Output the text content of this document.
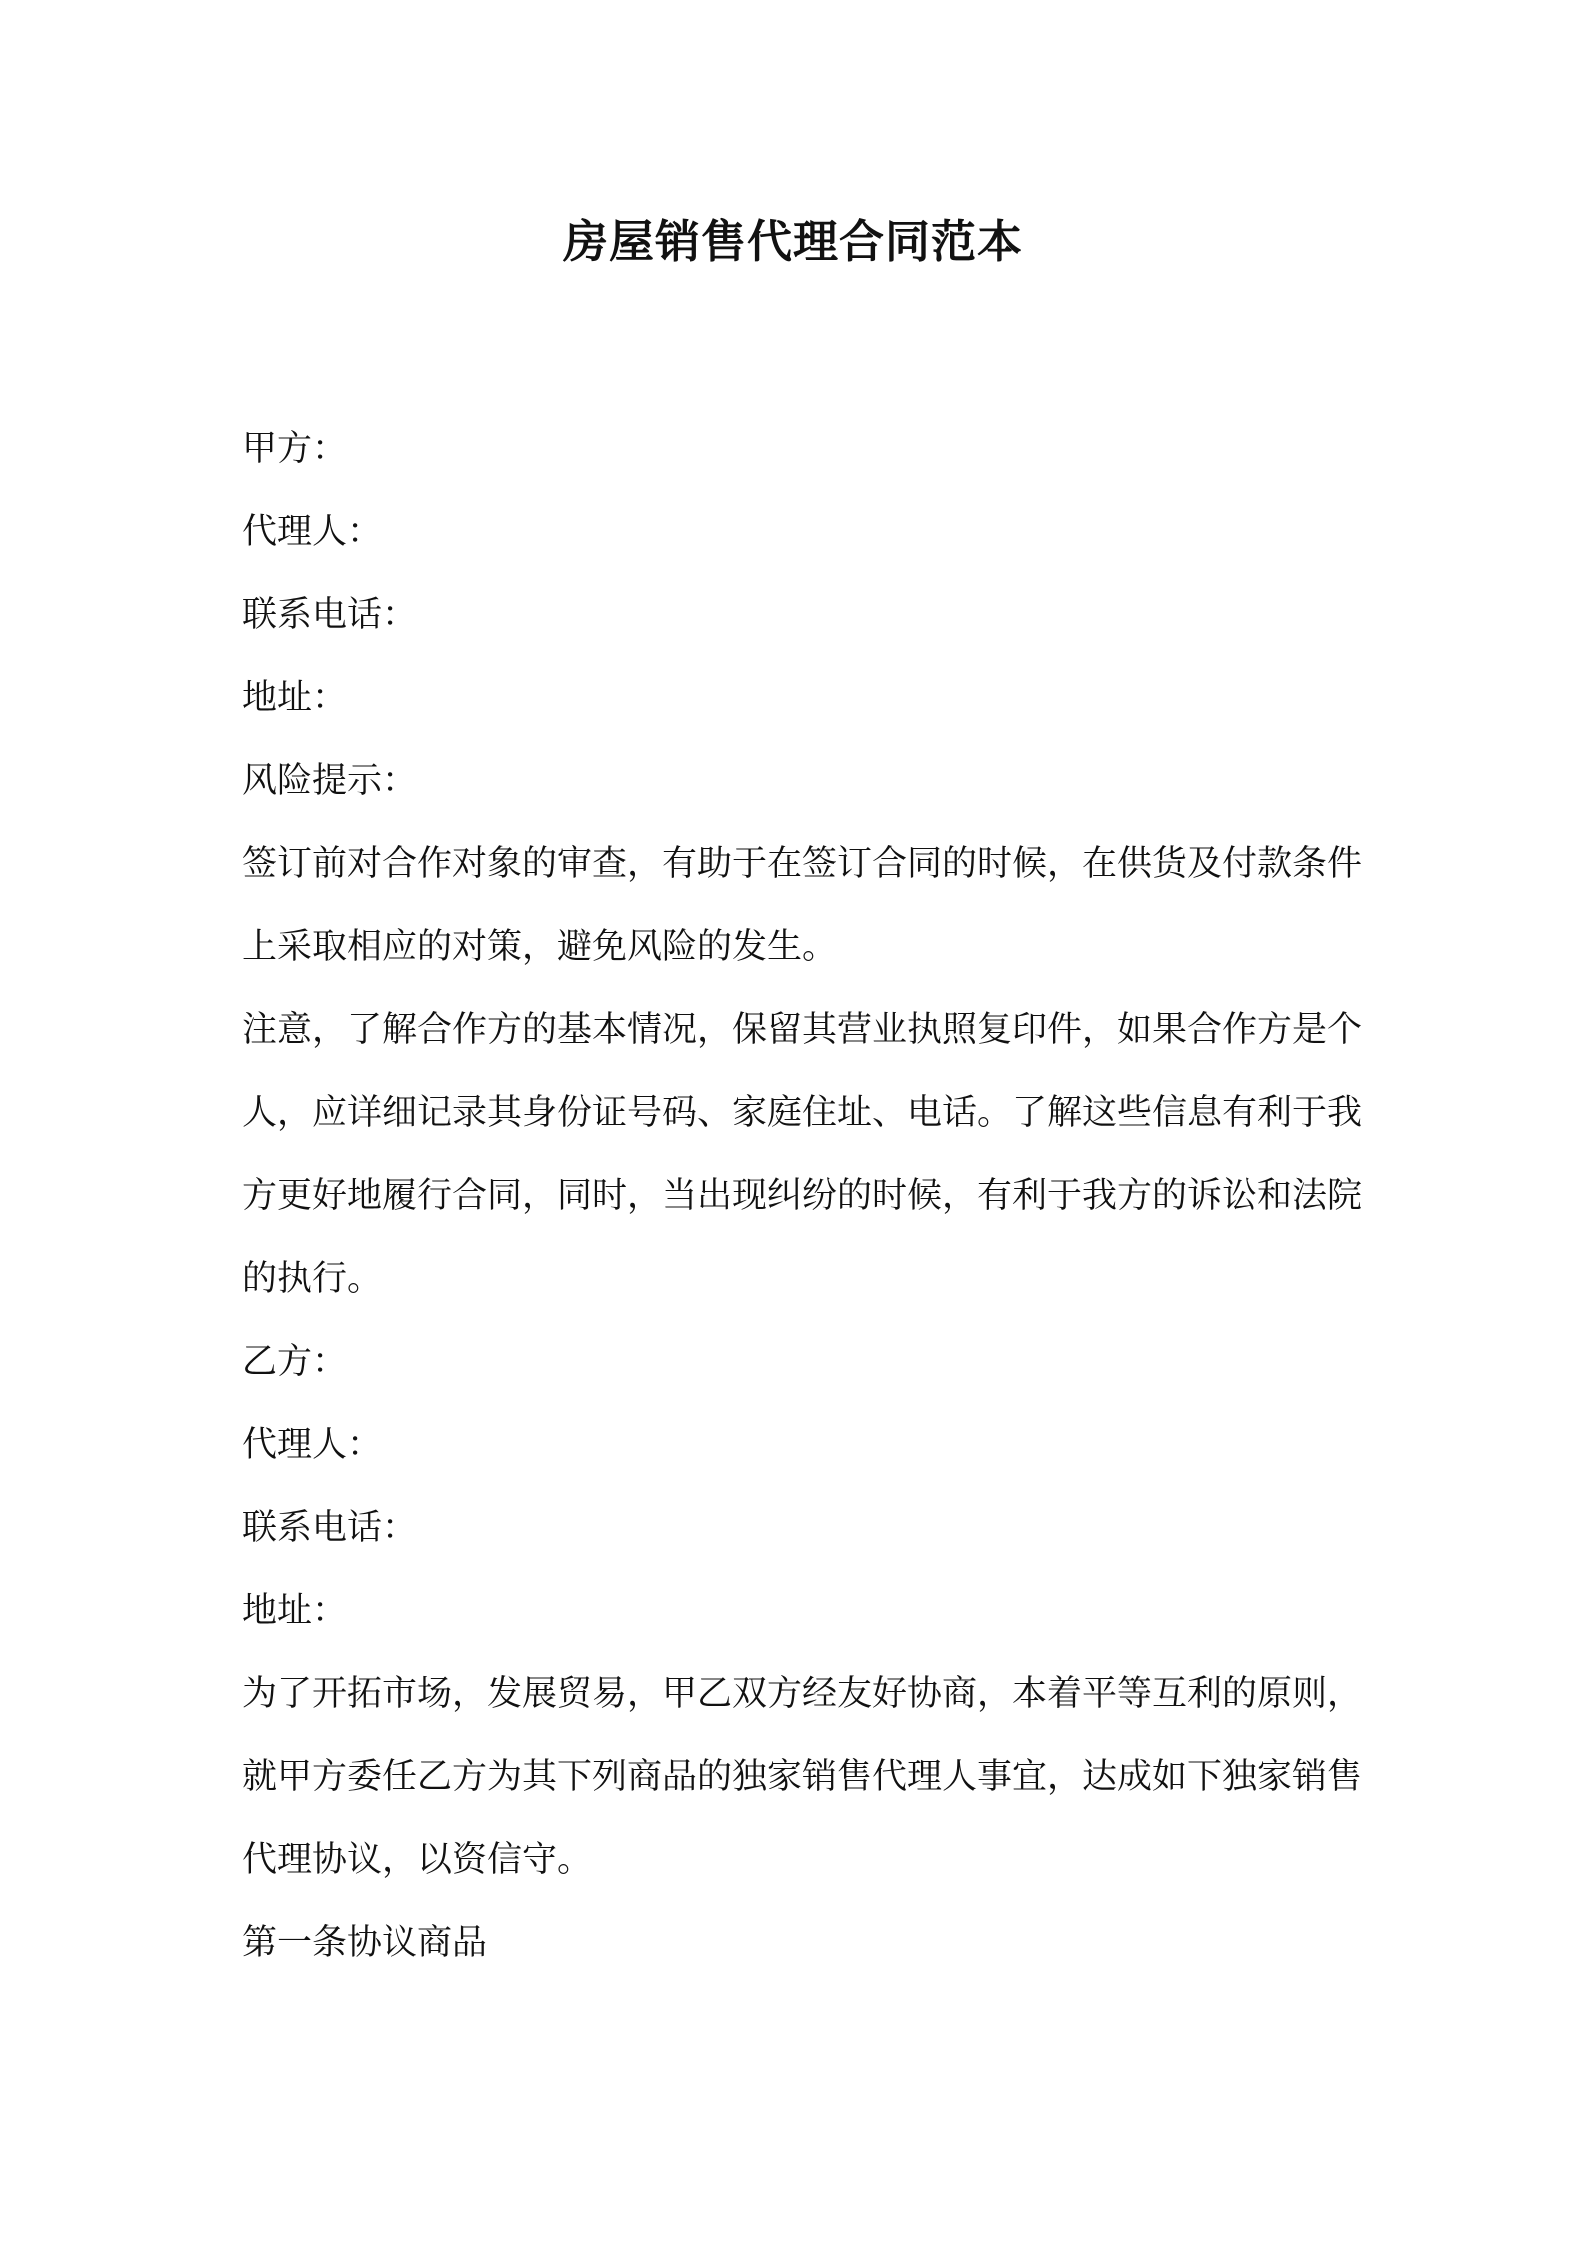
房屋销售代理合同范本

甲方：

代理人：

联系电话：

地址：

风险提示：

签订前对合作对象的审查，有助于在签订合同的时候，在供货及付款条件上采取相应的对策，避免风险的发生。

注意，了解合作方的基本情况，保留其营业执照复印件，如果合作方是个人，应详细记录其身份证号码、家庭住址、电话。了解这些信息有利于我方更好地履行合同，同时，当出现纠纷的时候，有利于我方的诉讼和法院的执行。

乙方：

代理人：

联系电话：

地址：

为了开拓市场，发展贸易，甲乙双方经友好协商，本着平等互利的原则，就甲方委任乙方为其下列商品的独家销售代理人事宜，达成如下独家销售代理协议，以资信守。

第一条协议商品
